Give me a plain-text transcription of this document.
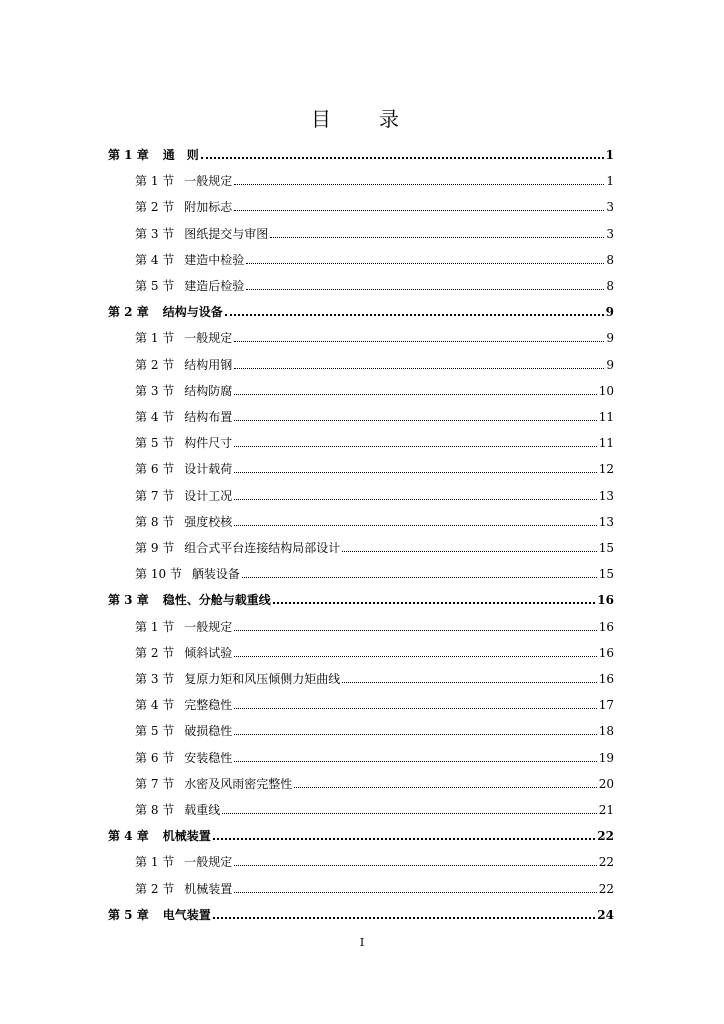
目　录
第 1 章 通　则	1
第 1 节 一般规定	1
第 2 节 附加标志	3
第 3 节 图纸提交与审图	3
第 4 节 建造中检验	8
第 5 节 建造后检验	8
第 2 章 结构与设备	9
第 1 节 一般规定	9
第 2 节 结构用钢	9
第 3 节 结构防腐	10
第 4 节 结构布置	11
第 5 节 构件尺寸	11
第 6 节 设计载荷	12
第 7 节 设计工况	13
第 8 节 强度校核	13
第 9 节 组合式平台连接结构局部设计	15
第 10 节 舾装设备	15
第 3 章 稳性、分舱与载重线	16
第 1 节 一般规定	16
第 2 节 倾斜试验	16
第 3 节 复原力矩和风压倾侧力矩曲线	16
第 4 节 完整稳性	17
第 5 节 破损稳性	18
第 6 节 安装稳性	19
第 7 节 水密及风雨密完整性	20
第 8 节 载重线	21
第 4 章 机械装置	22
第 1 节 一般规定	22
第 2 节 机械装置	22
第 5 章 电气装置	24
I
